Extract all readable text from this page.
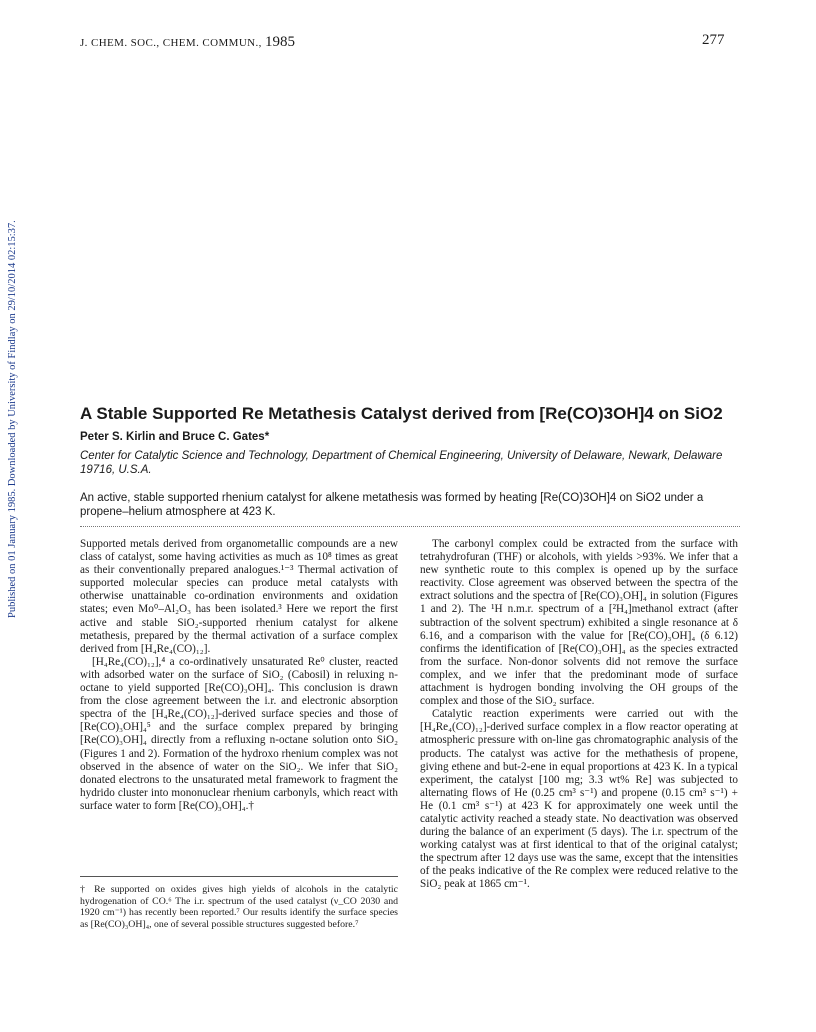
J. CHEM. SOC., CHEM. COMMUN., 1985	277
Published on 01 January 1985. Downloaded by University of Findlay on 29/10/2014 02:15:37.	A Stable Supported Re Metathesis Catalyst derived from [Re(CO)3OH]4 on SiO2
Peter S. Kirlin and Bruce C. Gates*
Center for Catalytic Science and Technology, Department of Chemical Engineering, University of Delaware, Newark, Delaware 19716, U.S.A.
An active, stable supported rhenium catalyst for alkene metathesis was formed by heating [Re(CO)3OH]4 on SiO2 under a propene–helium atmosphere at 423 K.

Supported metals derived from organometallic compounds are a new class of catalyst, some having activities as much as 10⁸ times as great as their conventionally prepared analogues.¹⁻³ Thermal activation of supported molecular species can produce metal catalysts with otherwise unattainable co-ordination environments and oxidation states; even Mo⁰–Al₂O₃ has been isolated.³ Here we report the first active and stable SiO₂-supported rhenium catalyst for alkene metathesis, prepared by the thermal activation of a surface complex derived from [H₄Re₄(CO)₁₂].

[H₄Re₄(CO)₁₂],⁴ a co-ordinatively unsaturated Re⁰ cluster, reacted with adsorbed water on the surface of SiO₂ (Cabosil) in reluxing n-octane to yield supported [Re(CO)₃OH]₄. This conclusion is drawn from the close agreement between the i.r. and electronic absorption spectra of the [H₄Re₄(CO)₁₂]-derived surface species and those of [Re(CO)₃OH]₄⁵ and the surface complex prepared by bringing [Re(CO)₃OH]₄ directly from a refluxing n-octane solution onto SiO₂ (Figures 1 and 2). Formation of the hydroxo rhenium complex was not observed in the absence of water on the SiO₂. We infer that SiO₂ donated electrons to the unsaturated metal framework to fragment the hydrido cluster into mononuclear rhenium carbonyls, which react with surface water to form [Re(CO)₃OH]₄.†

† Re supported on oxides gives high yields of alcohols in the catalytic hydrogenation of CO.⁶ The i.r. spectrum of the used catalyst (ν_CO 2030 and 1920 cm⁻¹) has recently been reported.⁷ Our results identify the surface species as [Re(CO)₃OH]₄, one of several possible structures suggested before.⁷

The carbonyl complex could be extracted from the surface with tetrahydrofuran (THF) or alcohols, with yields >93%. We infer that a new synthetic route to this complex is opened up by the surface reactivity. Close agreement was observed between the spectra of the extract solutions and the spectra of [Re(CO)₃OH]₄ in solution (Figures 1 and 2). The ¹H n.m.r. spectrum of a [²H₄]methanol extract (after subtraction of the solvent spectrum) exhibited a single resonance at δ 6.16, and a comparison with the value for [Re(CO)₃OH]₄ (δ 6.12) confirms the identification of [Re(CO)₃OH]₄ as the species extracted from the surface. Non-donor solvents did not remove the surface complex, and we infer that the predominant mode of surface attachment is hydrogen bonding involving the OH groups of the complex and those of the SiO₂ surface.

Catalytic reaction experiments were carried out with the [H₄Re₄(CO)₁₂]-derived surface complex in a flow reactor operating at atmospheric pressure with on-line gas chromatographic analysis of the products. The catalyst was active for the methathesis of propene, giving ethene and but-2-ene in equal proportions at 423 K. In a typical experiment, the catalyst [100 mg; 3.3 wt% Re] was subjected to alternating flows of He (0.25 cm³ s⁻¹) and propene (0.15 cm³ s⁻¹) + He (0.1 cm³ s⁻¹) at 423 K for approximately one week until the catalytic activity reached a steady state. No deactivation was observed during the balance of an experiment (5 days). The i.r. spectrum of the working catalyst was at first identical to that of the original catalyst; the spectrum after 12 days use was the same, except that the intensities of the peaks indicative of the Re complex were reduced relative to the SiO₂ peak at 1865 cm⁻¹.
